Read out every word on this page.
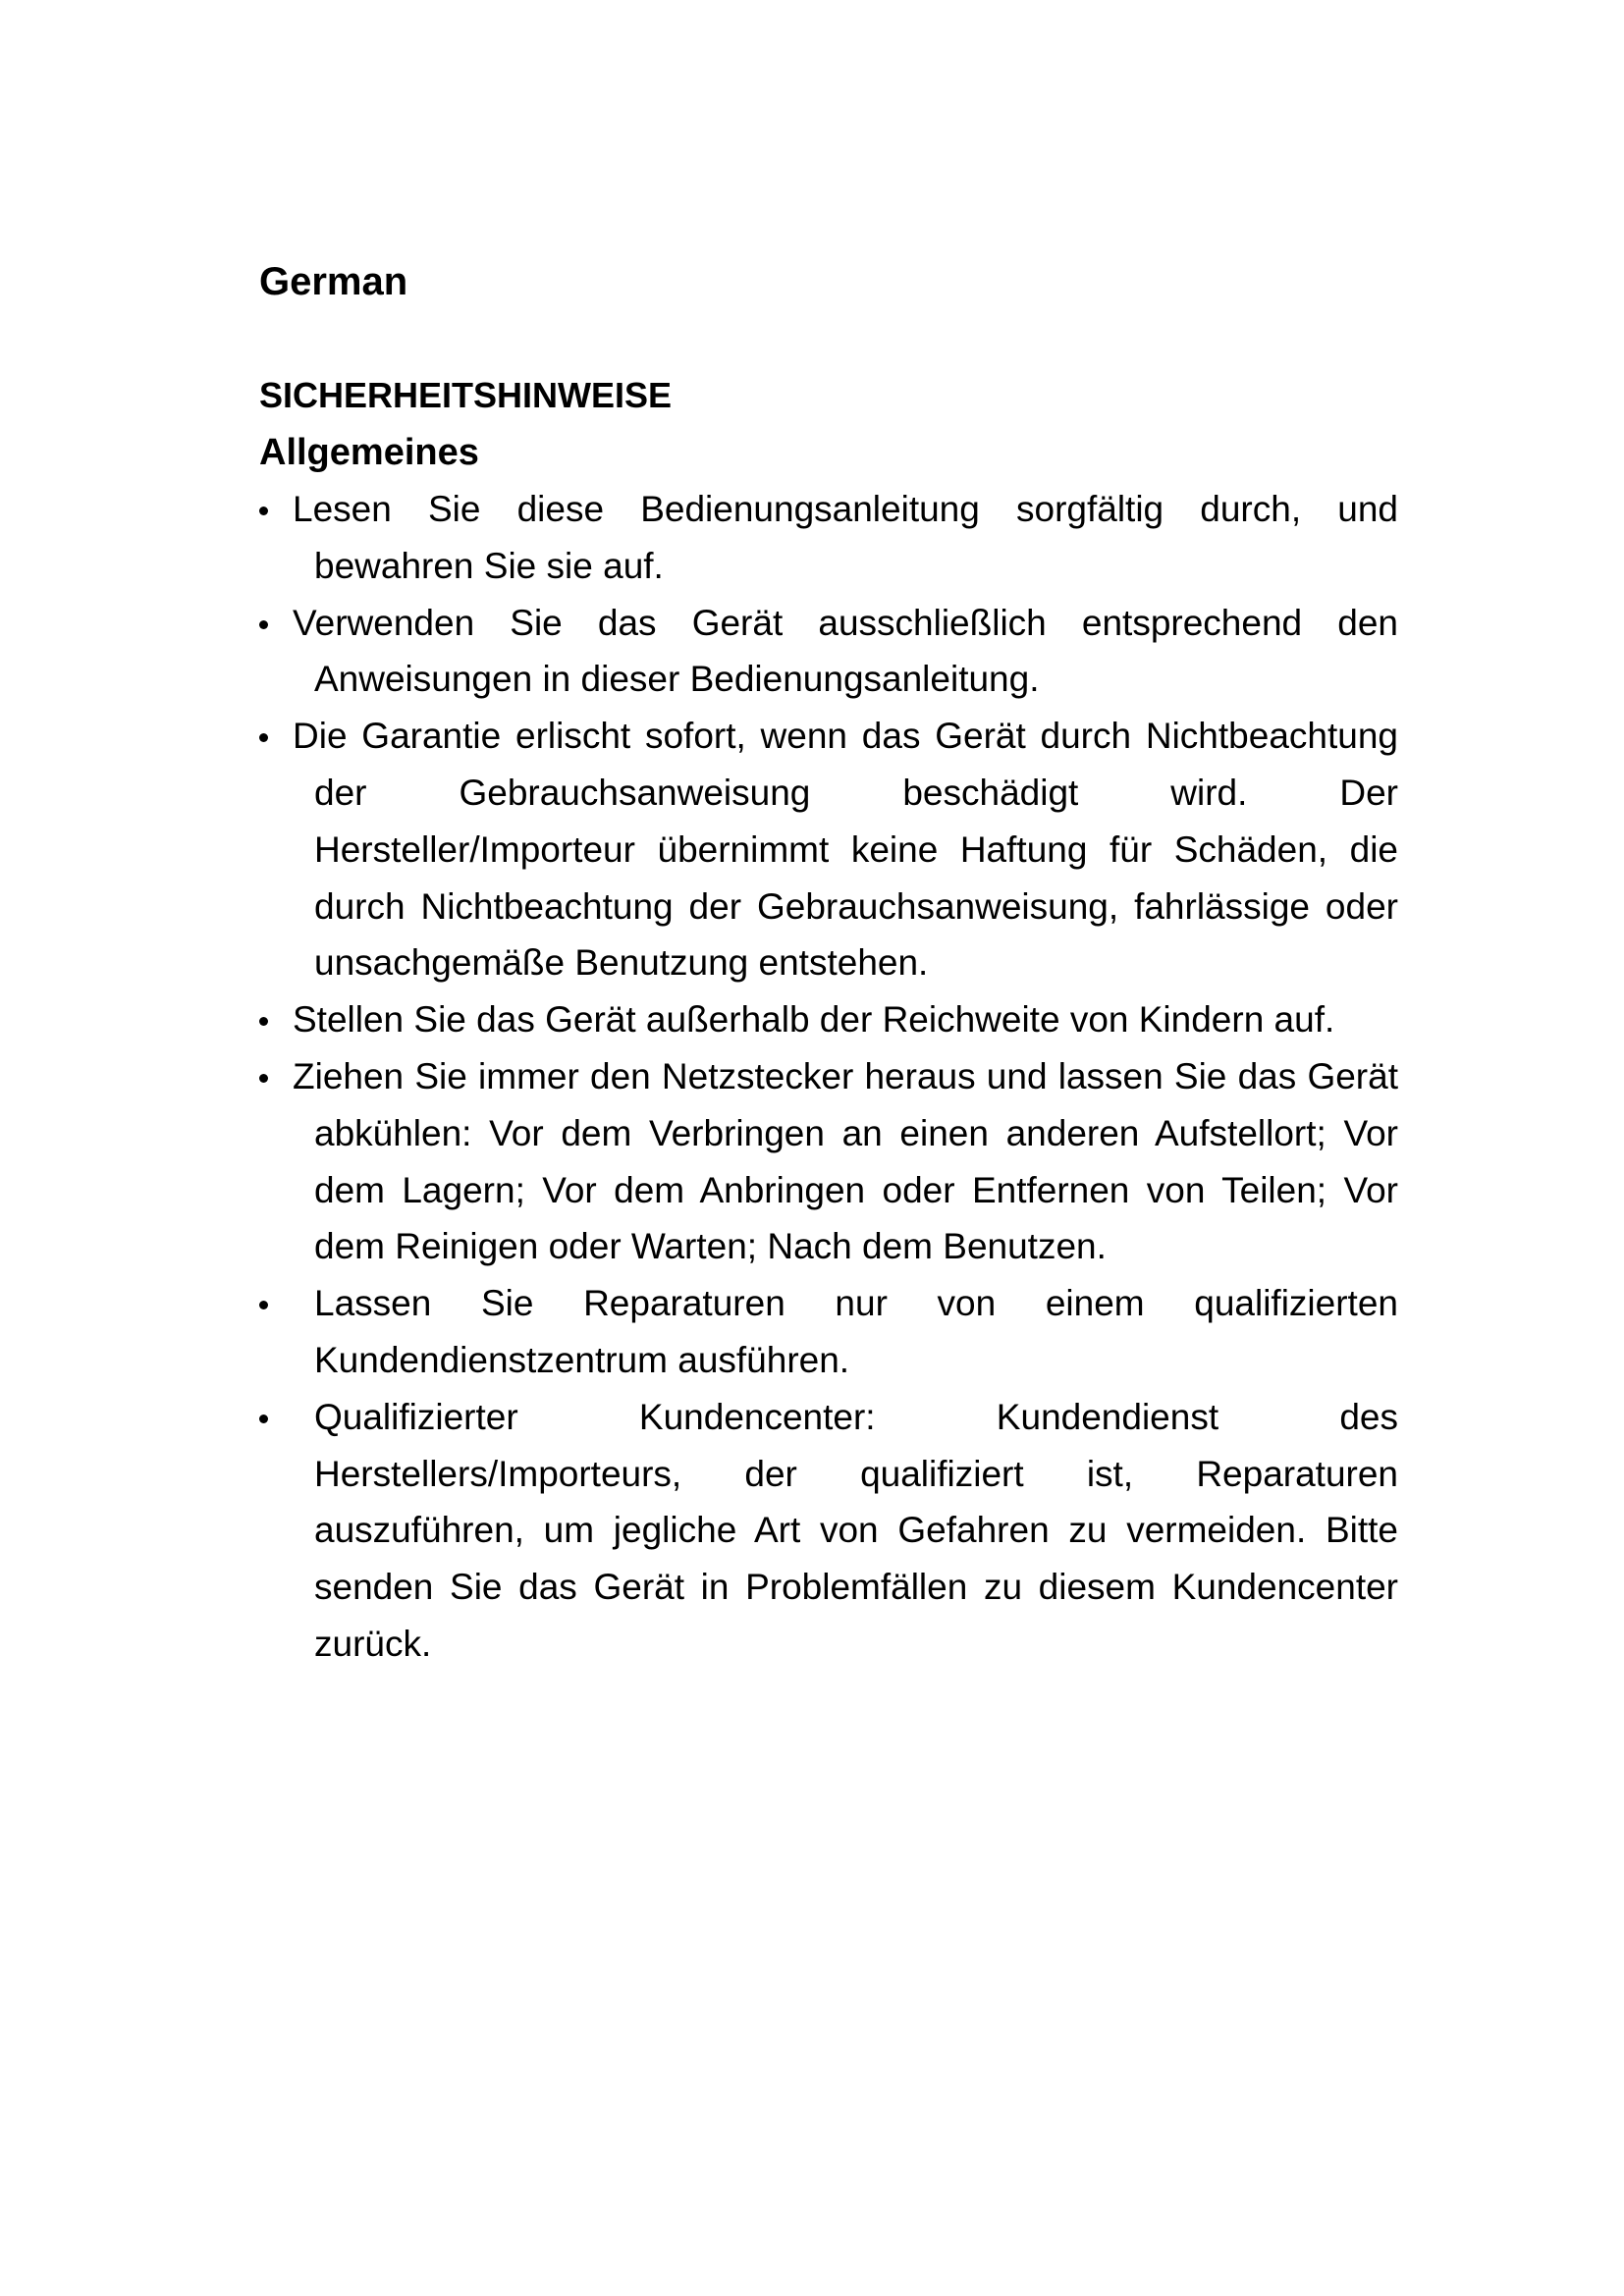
German
SICHERHEITSHINWEISE
Allgemeines
Lesen Sie diese Bedienungsanleitung sorgfältig durch, und bewahren Sie sie auf.
Verwenden Sie das Gerät ausschließlich entsprechend den Anweisungen in dieser Bedienungsanleitung.
Die Garantie erlischt sofort, wenn das Gerät durch Nichtbeachtung der Gebrauchsanweisung beschädigt wird. Der Hersteller/Importeur übernimmt keine Haftung für Schäden, die durch Nichtbeachtung der Gebrauchsanweisung, fahrlässige oder unsachgemäße Benutzung entstehen.
Stellen Sie das Gerät außerhalb der Reichweite von Kindern auf.
Ziehen Sie immer den Netzstecker heraus und lassen Sie das Gerät abkühlen: Vor dem Verbringen an einen anderen Aufstellort; Vor dem Lagern; Vor dem Anbringen oder Entfernen von Teilen; Vor dem Reinigen oder Warten; Nach dem Benutzen.
Lassen Sie Reparaturen nur von einem qualifizierten Kundendienstzentrum ausführen.
Qualifizierter Kundencenter: Kundendienst des Herstellers/Importeurs, der qualifiziert ist, Reparaturen auszuführen, um jegliche Art von Gefahren zu vermeiden. Bitte senden Sie das Gerät in Problemfällen zu diesem Kundencenter zurück.
